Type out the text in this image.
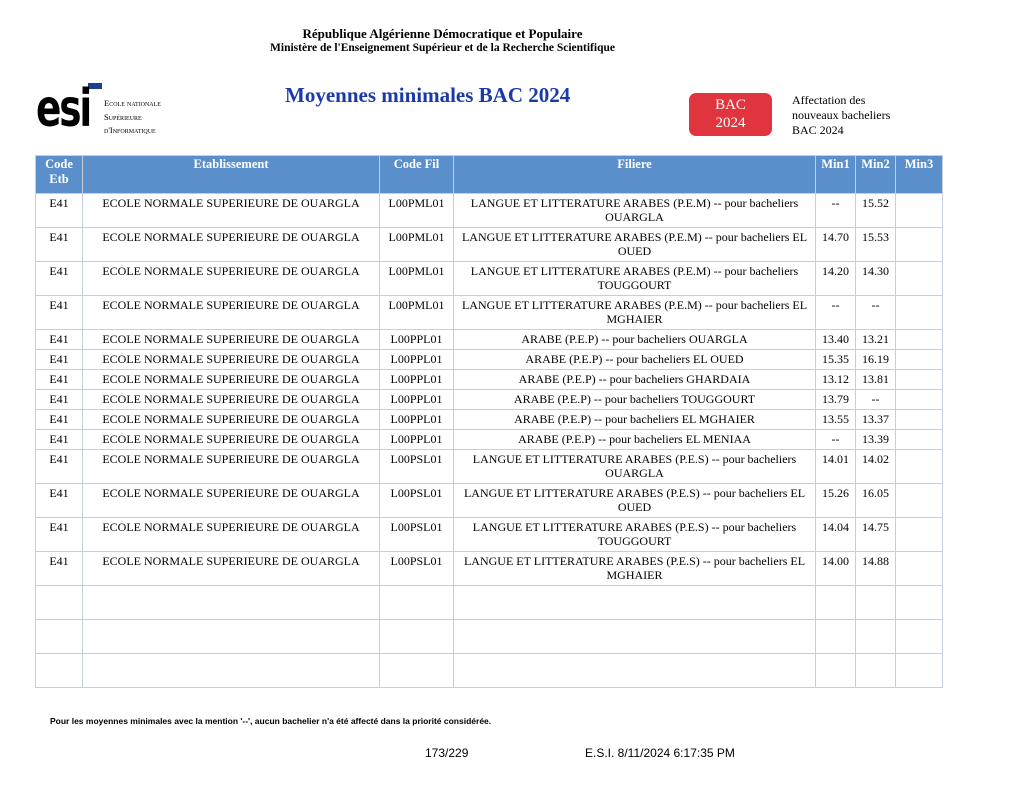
République Algérienne Démocratique et Populaire
Ministère de l'Enseignement Supérieur et de la Recherche Scientifique
esi Ecole nationale
Supérieure
d'Informatique
Moyennes minimales BAC 2024	BAC
2024
Affectation des
nouveaux bacheliers
BAC 2024
Code Etb	Etablissement	Code Fil	Filiere	Min1	Min2	Min3
E41	ECOLE NORMALE SUPERIEURE DE OUARGLA	L00PML01	LANGUE ET LITTERATURE ARABES (P.E.M) -- pour bacheliers OUARGLA	--	15.52	
E41	ECOLE NORMALE SUPERIEURE DE OUARGLA	L00PML01	LANGUE ET LITTERATURE ARABES (P.E.M) -- pour bacheliers EL OUED	14.70	15.53	
E41	ECOLE NORMALE SUPERIEURE DE OUARGLA	L00PML01	LANGUE ET LITTERATURE ARABES (P.E.M) -- pour bacheliers TOUGGOURT	14.20	14.30	
E41	ECOLE NORMALE SUPERIEURE DE OUARGLA	L00PML01	LANGUE ET LITTERATURE ARABES (P.E.M) -- pour bacheliers EL MGHAIER	--	--	
E41	ECOLE NORMALE SUPERIEURE DE OUARGLA	L00PPL01	ARABE (P.E.P) -- pour bacheliers OUARGLA	13.40	13.21	
E41	ECOLE NORMALE SUPERIEURE DE OUARGLA	L00PPL01	ARABE (P.E.P) -- pour bacheliers EL OUED	15.35	16.19	
E41	ECOLE NORMALE SUPERIEURE DE OUARGLA	L00PPL01	ARABE (P.E.P) -- pour bacheliers GHARDAIA	13.12	13.81	
E41	ECOLE NORMALE SUPERIEURE DE OUARGLA	L00PPL01	ARABE (P.E.P) -- pour bacheliers TOUGGOURT	13.79	--	
E41	ECOLE NORMALE SUPERIEURE DE OUARGLA	L00PPL01	ARABE (P.E.P) -- pour bacheliers EL MGHAIER	13.55	13.37	
E41	ECOLE NORMALE SUPERIEURE DE OUARGLA	L00PPL01	ARABE (P.E.P) -- pour bacheliers EL MENIAA	--	13.39	
E41	ECOLE NORMALE SUPERIEURE DE OUARGLA	L00PSL01	LANGUE ET LITTERATURE ARABES (P.E.S) -- pour bacheliers OUARGLA	14.01	14.02	
E41	ECOLE NORMALE SUPERIEURE DE OUARGLA	L00PSL01	LANGUE ET LITTERATURE ARABES (P.E.S) -- pour bacheliers EL OUED	15.26	16.05	
E41	ECOLE NORMALE SUPERIEURE DE OUARGLA	L00PSL01	LANGUE ET LITTERATURE ARABES (P.E.S) -- pour bacheliers TOUGGOURT	14.04	14.75	
E41	ECOLE NORMALE SUPERIEURE DE OUARGLA	L00PSL01	LANGUE ET LITTERATURE ARABES (P.E.S) -- pour bacheliers EL MGHAIER	14.00	14.88	

Pour les moyennes minimales avec la mention '--', aucun bachelier n'a été affecté dans la priorité considérée.
173/229	E.S.I. 8/11/2024 6:17:35 PM
